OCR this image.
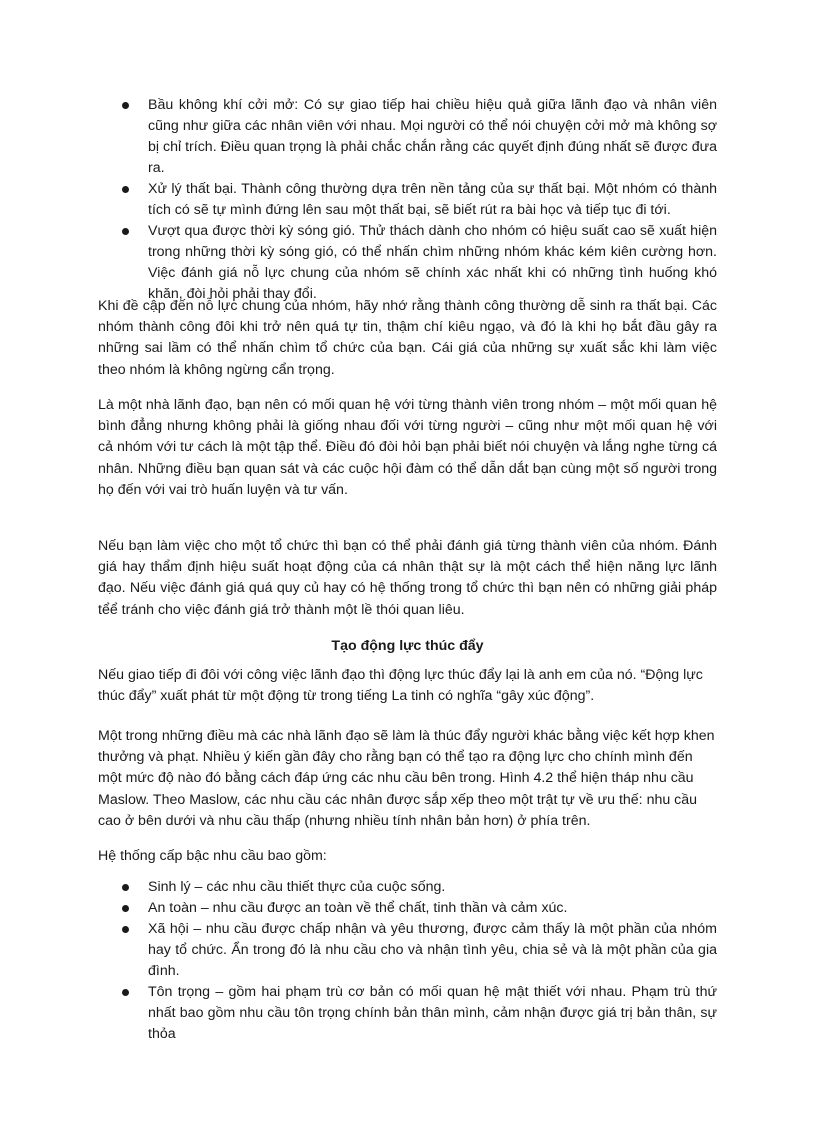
Bầu không khí cởi mở: Có sự giao tiếp hai chiều hiệu quả giữa lãnh đạo và nhân viên cũng như giữa các nhân viên với nhau. Mọi người có thể nói chuyện cởi mở mà không sợ bị chỉ trích. Điều quan trọng là phải chắc chắn rằng các quyết định đúng nhất sẽ được đưa ra.
Xử lý thất bại. Thành công thường dựa trên nền tảng của sự thất bại. Một nhóm có thành tích có sẽ tự mình đứng lên sau một thất bại, sẽ biết rút ra bài học và tiếp tục đi tới.
Vượt qua được thời kỳ sóng gió. Thử thách dành cho nhóm có hiệu suất cao sẽ xuất hiện trong những thời kỳ sóng gió, có thể nhấn chìm những nhóm khác kém kiên cường hơn. Việc đánh giá nỗ lực chung của nhóm sẽ chính xác nhất khi có những tình huống khó khăn, đòi hỏi phải thay đổi.

Khi đề cập đến nỗ lực chung của nhóm, hãy nhớ rằng thành công thường dễ sinh ra thất bại. Các nhóm thành công đôi khi trở nên quá tự tin, thậm chí kiêu ngạo, và đó là khi họ bắt đầu gây ra những sai lầm có thể nhấn chìm tổ chức của bạn. Cái giá của những sự xuất sắc khi làm việc theo nhóm là không ngừng cẩn trọng.

Là một nhà lãnh đạo, bạn nên có mối quan hệ với từng thành viên trong nhóm – một mối quan hệ bình đẳng nhưng không phải là giống nhau đối với từng người – cũng như một mối quan hệ với cả nhóm với tư cách là một tập thể. Điều đó đòi hỏi bạn phải biết nói chuyện và lắng nghe từng cá nhân. Những điều bạn quan sát và các cuộc hội đàm có thể dẫn dắt bạn cùng một số người trong họ đến với vai trò huấn luyện và tư vấn.

Nếu bạn làm việc cho một tổ chức thì bạn có thể phải đánh giá từng thành viên của nhóm. Đánh giá hay thẩm định hiệu suất hoạt động của cá nhân thật sự là một cách thể hiện năng lực lãnh đạo. Nếu việc đánh giá quá quy củ hay có hệ thống trong tổ chức thì bạn nên có những giải pháp tểể tránh cho việc đánh giá trở thành một lề thói quan liêu.

Tạo động lực thúc đẩy

Nếu giao tiếp đi đôi với công việc lãnh đạo thì động lực thúc đẩy lại là anh em của nó. “Động lực thúc đẩy” xuất phát từ một động từ trong tiếng La tinh có nghĩa “gây xúc động”.

Một trong những điều mà các nhà lãnh đạo sẽ làm là thúc đẩy người khác bằng việc kết hợp khen thưởng và phạt. Nhiều ý kiến gần đây cho rằng bạn có thể tạo ra động lực cho chính mình đến một mức độ nào đó bằng cách đáp ứng các nhu cầu bên trong. Hình 4.2 thể hiện tháp nhu cầu Maslow. Theo Maslow, các nhu cầu các nhân được sắp xếp theo một trật tự về ưu thế: nhu cầu cao ở bên dưới và nhu cầu thấp (nhưng nhiều tính nhân bản hơn) ở phía trên.

Hệ thống cấp bậc nhu cầu bao gồm:

Sinh lý – các nhu cầu thiết thực của cuộc sống.
An toàn – nhu cầu được an toàn về thể chất, tinh thần và cảm xúc.
Xã hội – nhu cầu được chấp nhận và yêu thương, được cảm thấy là một phần của nhóm hay tổ chức. Ẩn trong đó là nhu cầu cho và nhận tình yêu, chia sẻ và là một phần của gia đình.
Tôn trọng – gồm hai phạm trù cơ bản có mối quan hệ mật thiết với nhau. Phạm trù thứ nhất bao gồm nhu cầu tôn trọng chính bản thân mình, cảm nhận được giá trị bản thân, sự thỏa
